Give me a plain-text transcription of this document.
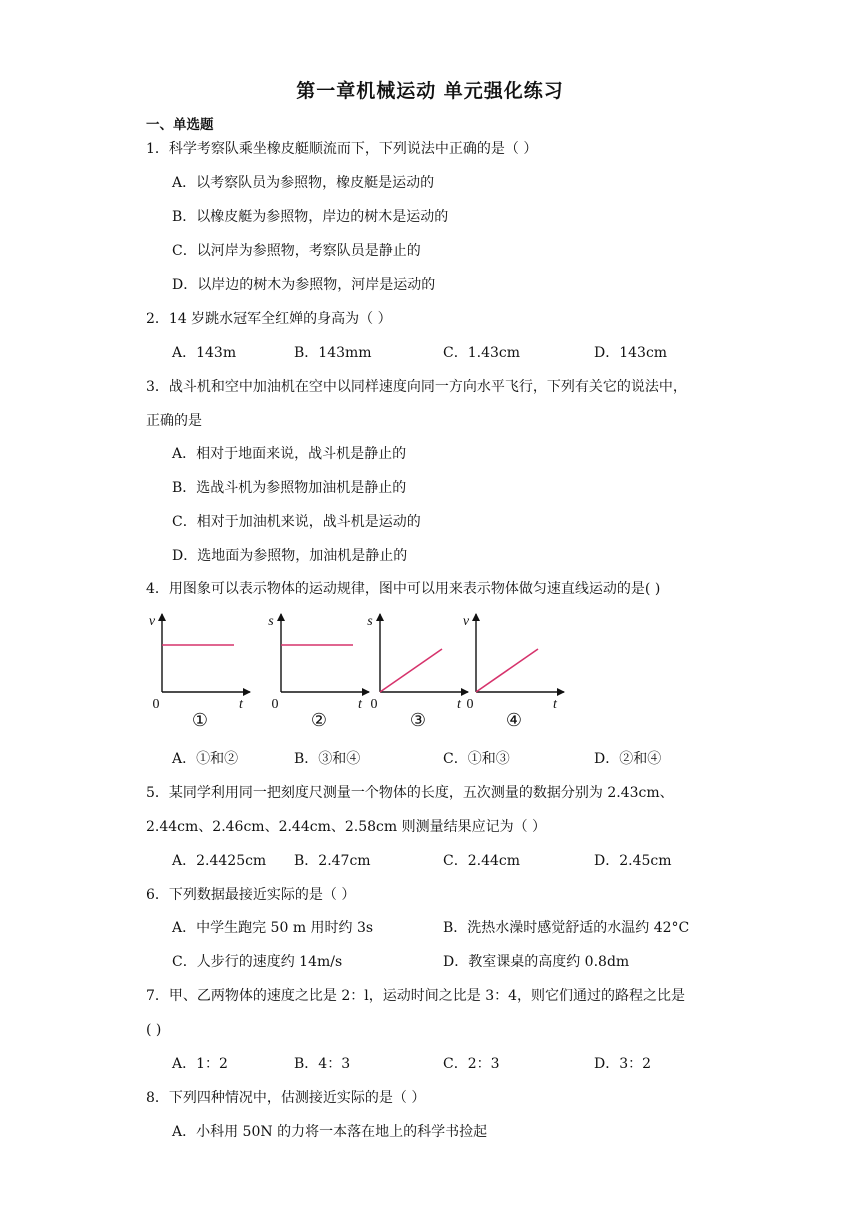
第一章机械运动 单元强化练习
一、单选题
1．科学考察队乘坐橡皮艇顺流而下，下列说法中正确的是（ ）
A．以考察队员为参照物，橡皮艇是运动的
B．以橡皮艇为参照物，岸边的树木是运动的
C．以河岸为参照物，考察队员是静止的
D．以岸边的树木为参照物，河岸是运动的
2．14 岁跳水冠军全红婵的身高为（ ）
A．143m	B．143mm	C．1.43cm	D．143cm
3．战斗机和空中加油机在空中以同样速度向同一方向水平飞行，下列有关它的说法中，
正确的是
A．相对于地面来说，战斗机是静止的
B．选战斗机为参照物加油机是静止的
C．相对于加油机来说，战斗机是运动的
D．选地面为参照物，加油机是静止的
4．用图象可以表示物体的运动规律，图中可以用来表示物体做匀速直线运动的是( )
v
t
0
①
s
t
0
②
s
t
0
③
v
t
0
④
A．①和②	B．③和④	C．①和③	D．②和④
5．某同学利用同一把刻度尺测量一个物体的长度，五次测量的数据分别为 2.43cm、
2.44cm、2.46cm、2.44cm、2.58cm 则测量结果应记为（ ）
A．2.4425cm B．2.47cm	C．2.44cm	D．2.45cm
6．下列数据最接近实际的是（ ）
A．中学生跑完 50 m 用时约 3s	B．洗热水澡时感觉舒适的水温约 42°C
C．人步行的速度约 14m/s	D．教室课桌的高度约 0.8dm
7．甲、乙两物体的速度之比是 2：l，运动时间之比是 3：4，则它们通过的路程之比是
( )
A．1：2	B．4：3	C．2：3	D．3：2
8．下列四种情况中，估测接近实际的是（ ）
A．小科用 50N 的力将一本落在地上的科学书捡起
